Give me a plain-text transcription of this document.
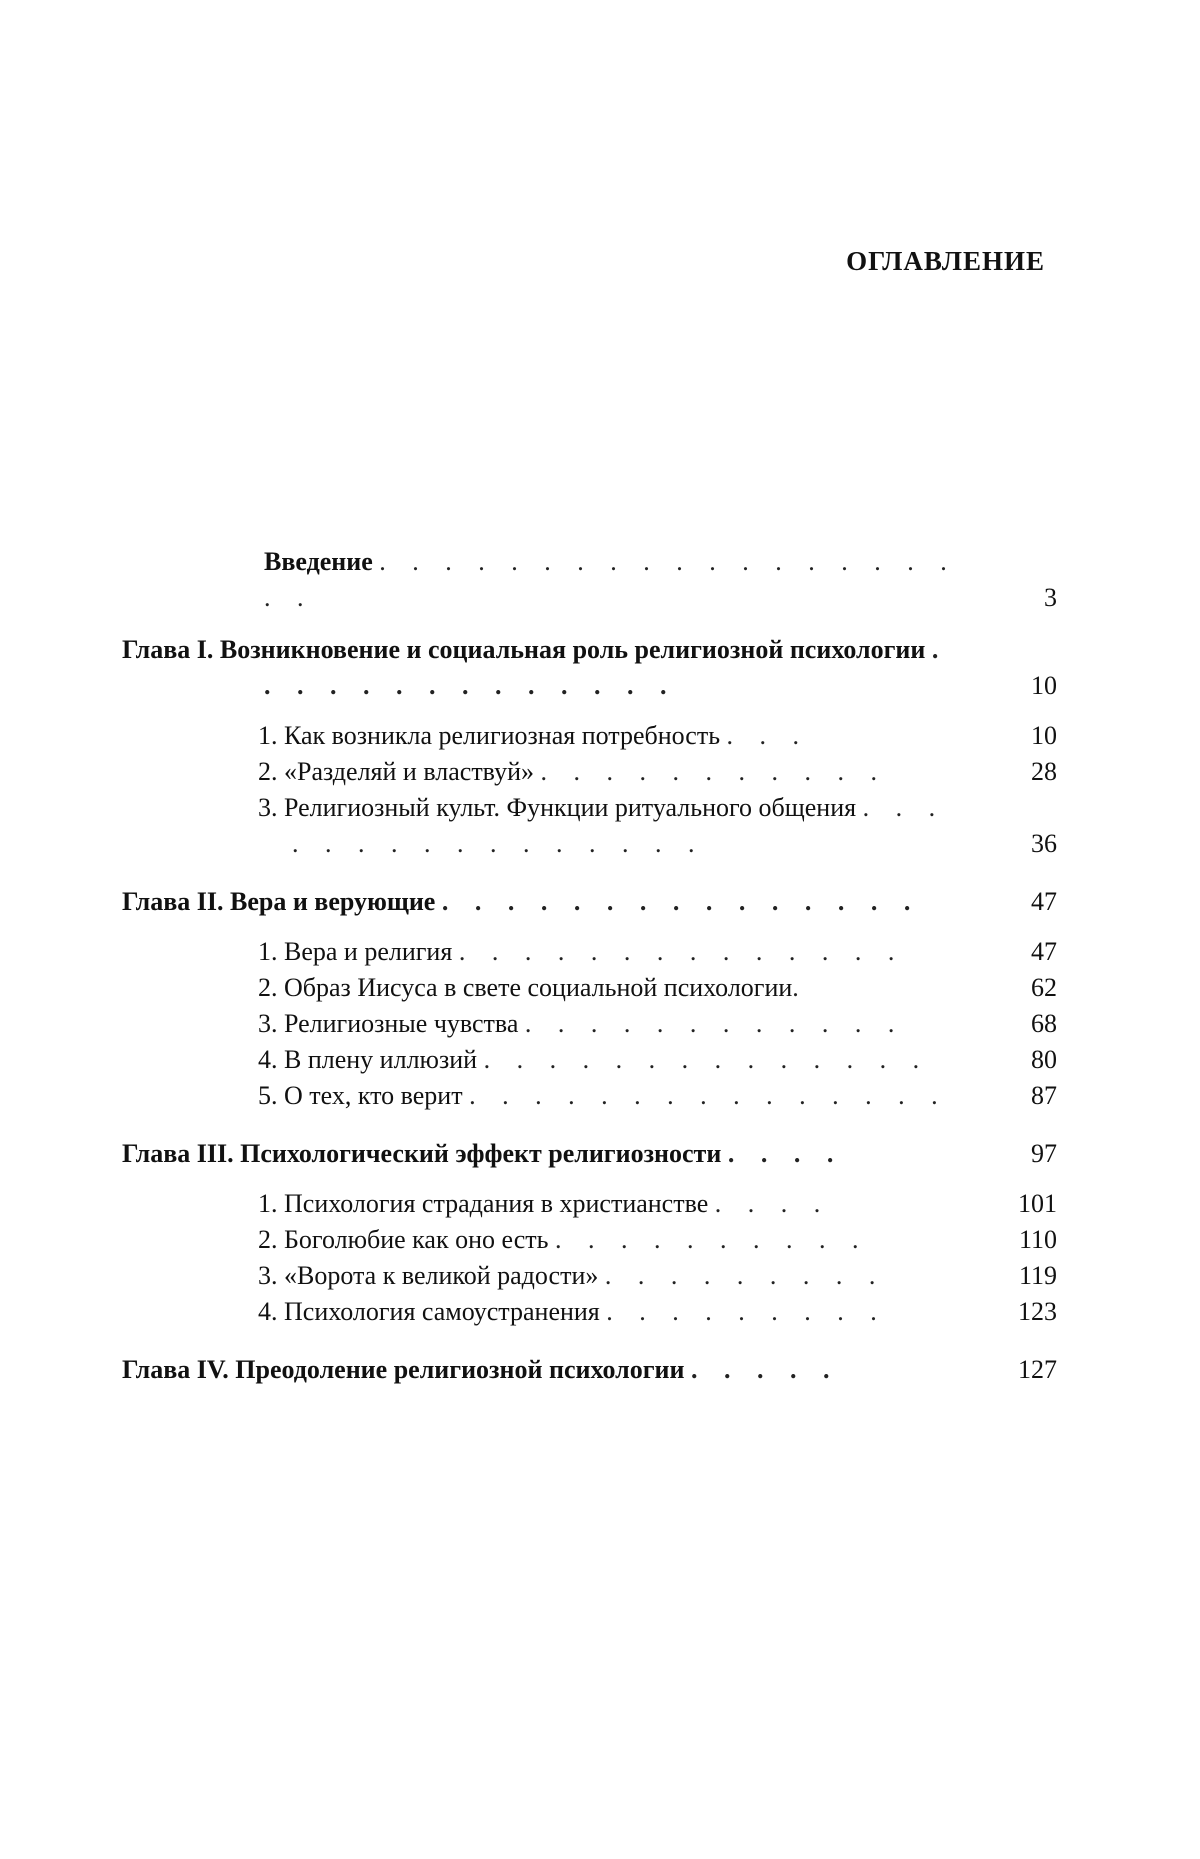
ОГЛАВЛЕНИЕ
Введение . . . . . . . . . . . . . . . . . . . .	3
Глава I. Возникновение и социальная роль религиозной психологии . . . . . . . . . . . . . .	10
1. Как возникла религиозная потребность . . .	10
2. «Разделяй и властвуй» . . . . . . . . . . .	28
3. Религиозный культ. Функции ритуального общения . . . . . . . . . . . . . . . .	36
Глава II. Вера и верующие . . . . . . . . . . . . . . .	47
1. Вера и религия . . . . . . . . . . . . . .	47
2. Образ Иисуса в свете социальной психологии.	62
3. Религиозные чувства . . . . . . . . . . . .	68
4. В плену иллюзий . . . . . . . . . . . . . .	80
5. О тех, кто верит . . . . . . . . . . . . . . .	87
Глава III. Психологический эффект религиозности . . . .	97
1. Психология страдания в христианстве . . . .	101
2. Боголюбие как оно есть . . . . . . . . . .	110
3. «Ворота к великой радости» . . . . . . . . .	119
4. Психология самоустранения . . . . . . . . .	123
Глава IV. Преодоление религиозной психологии . . . . .	127
